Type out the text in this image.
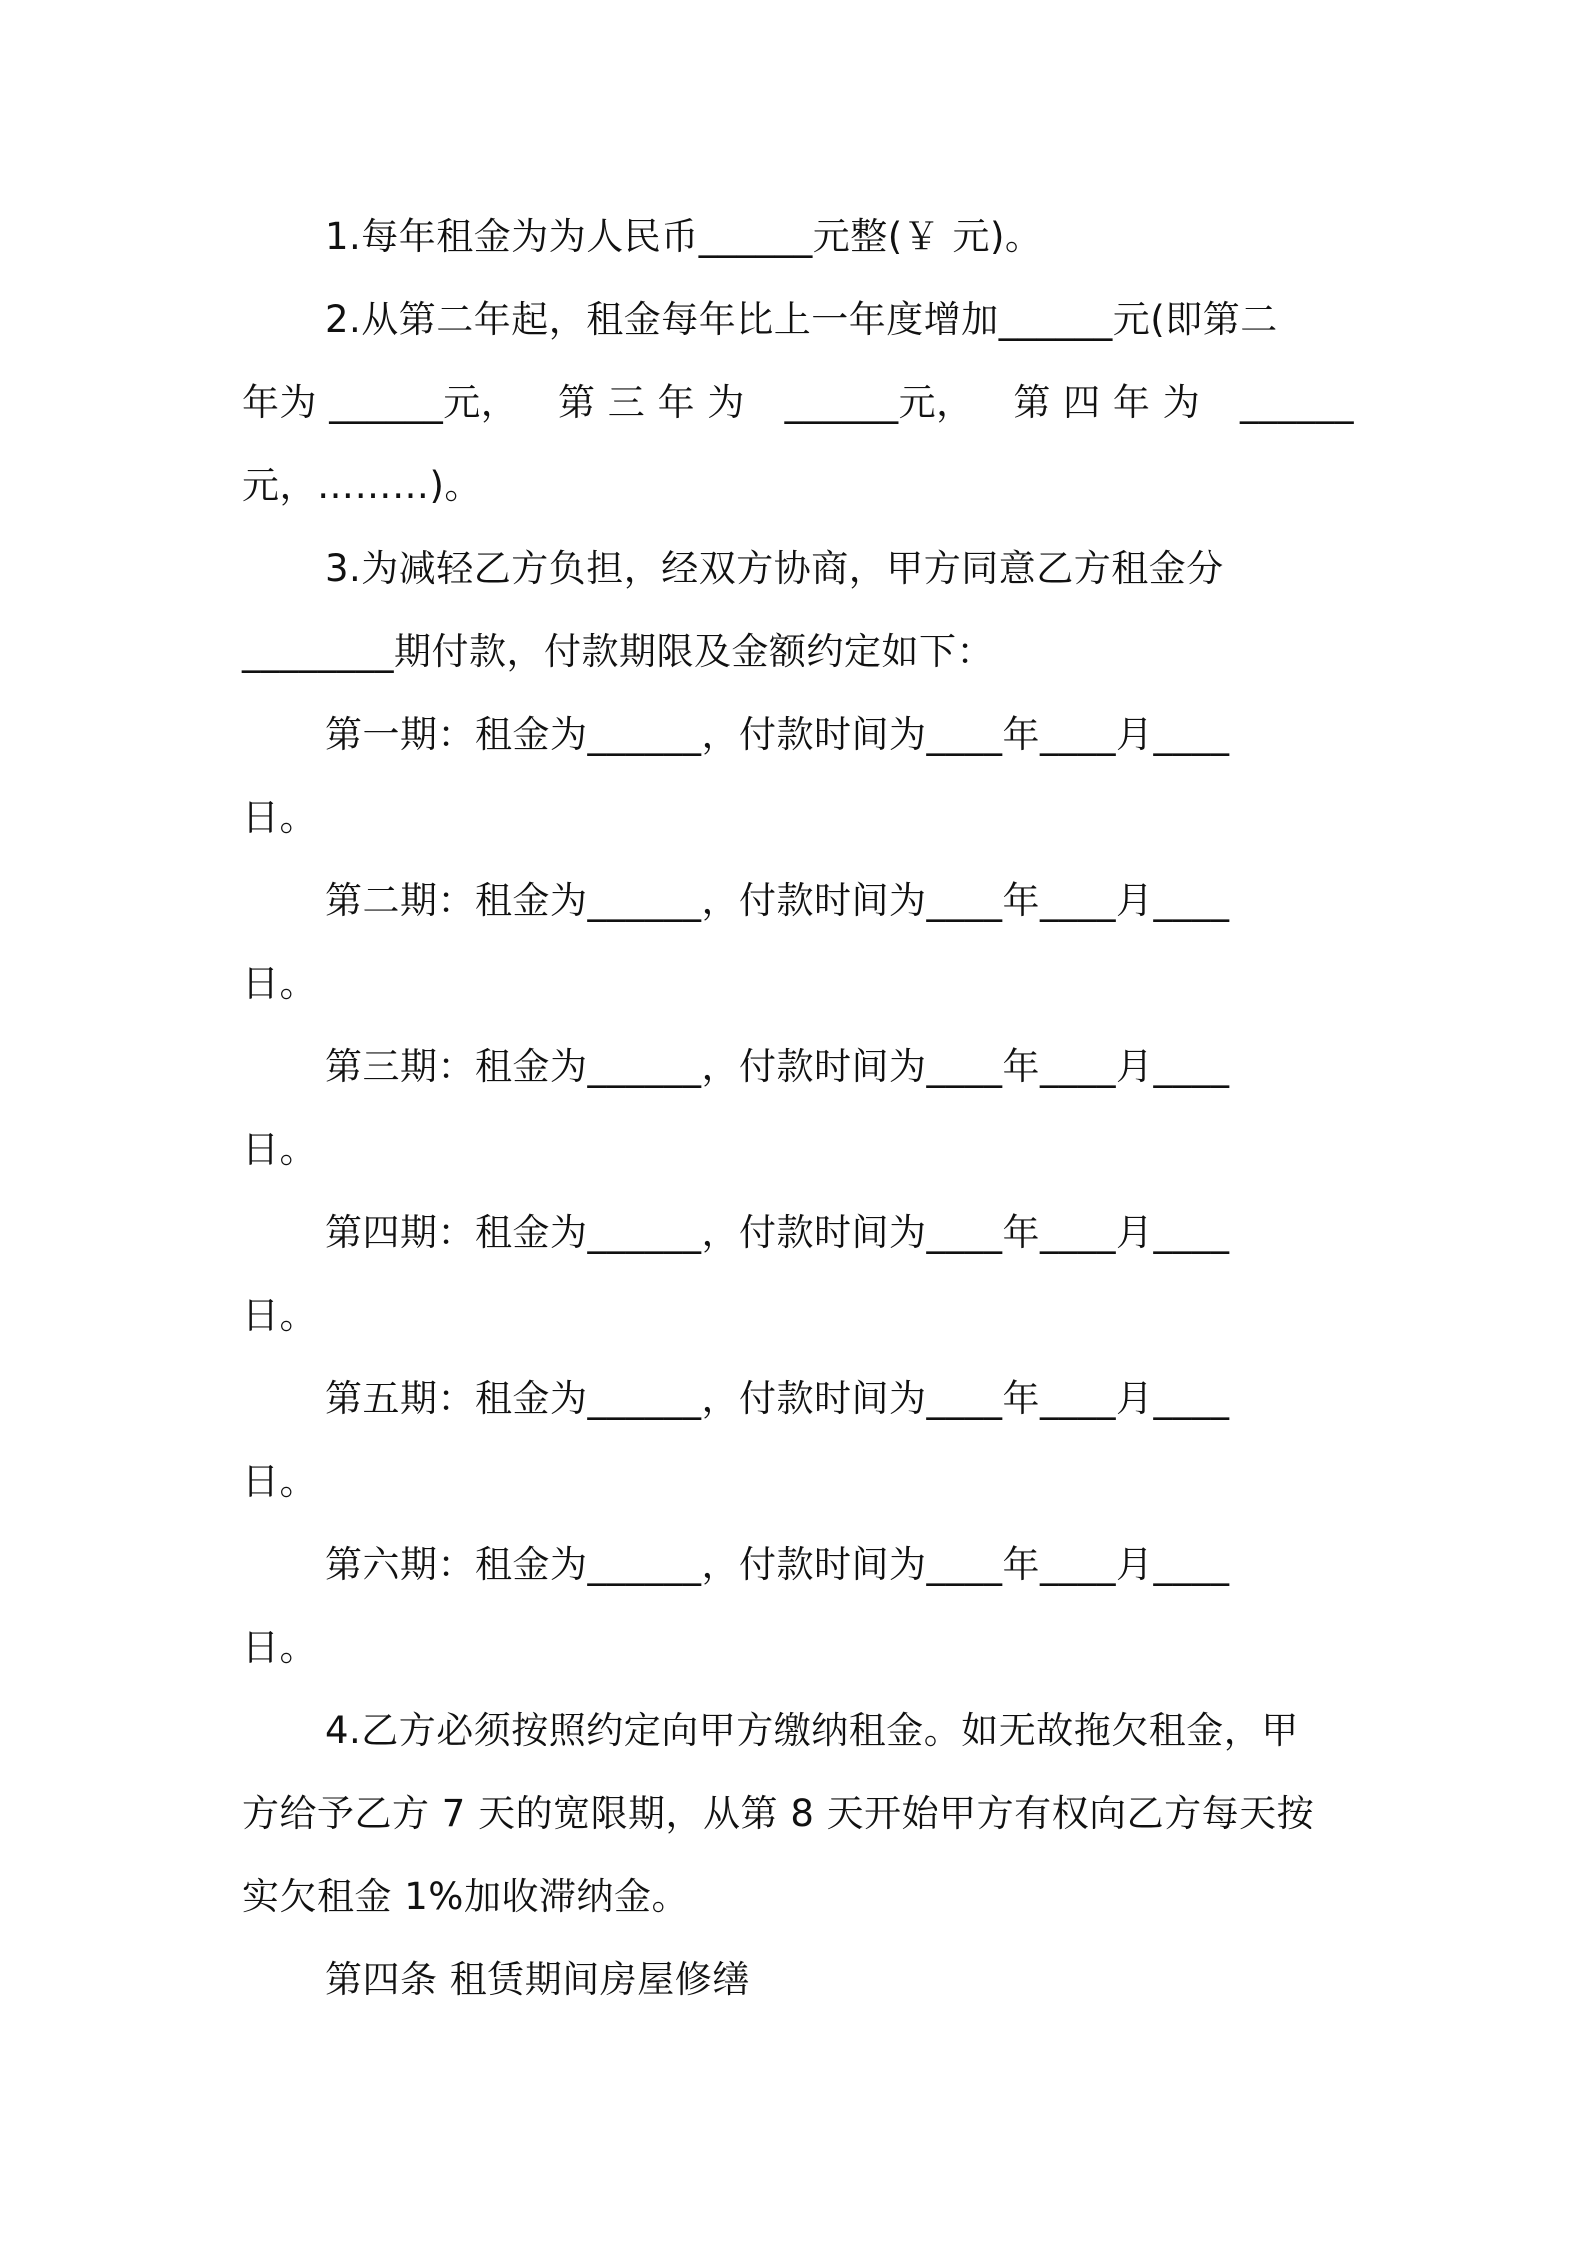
1.每年租金为为人民币______元整(￥ 元)。
2.从第二年起，租金每年比上一年度增加______元(即第二
年为 ______元， 第 三 年 为 ______元， 第 四 年 为 ______
元，………)。
3.为减轻乙方负担，经双方协商，甲方同意乙方租金分
________期付款，付款期限及金额约定如下：
第一期：租金为______，付款时间为____年____月____
日。
第二期：租金为______，付款时间为____年____月____
日。
第三期：租金为______，付款时间为____年____月____
日。
第四期：租金为______，付款时间为____年____月____
日。
第五期：租金为______，付款时间为____年____月____
日。
第六期：租金为______，付款时间为____年____月____
日。
4.乙方必须按照约定向甲方缴纳租金。如无故拖欠租金，甲
方给予乙方 7 天的宽限期，从第 8 天开始甲方有权向乙方每天按
实欠租金 1%加收滞纳金。
第四条 租赁期间房屋修缮
